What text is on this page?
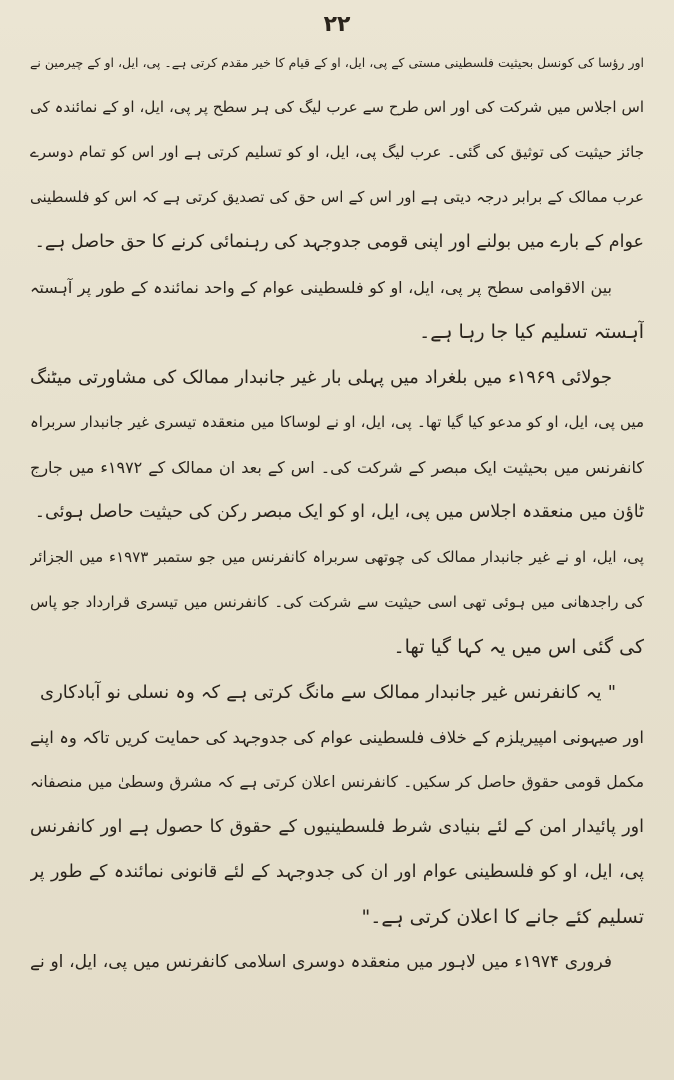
۲۲
اور رؤسا کی کونسل بحیثیت فلسطینی مستی کے پی، ایل، او کے قیام کا خیر مقدم کرتی ہے۔ پی، ایل، او کے چیرمین نے
اس اجلاس میں شرکت کی اور اس طرح سے عرب لیگ کی ہر سطح پر پی، ایل، او کے نمائندہ کی
جائز حیثیت کی توثیق کی گئی۔ عرب لیگ پی، ایل، او کو تسلیم کرتی ہے اور اس کو تمام دوسرے
عرب ممالک کے برابر درجہ دیتی ہے اور اس کے اس حق کی تصدیق کرتی ہے کہ اس کو فلسطینی
عوام کے بارے میں بولنے اور اپنی قومی جدوجہد کی رہنمائی کرنے کا حق حاصل ہے۔
بین الاقوامی سطح پر پی، ایل، او کو فلسطینی عوام کے واحد نمائندہ کے طور پر آہستہ
آہستہ تسلیم کیا جا رہا ہے۔
جولائی ۱۹۶۹ء میں بلغراد میں پہلی بار غیر جانبدار ممالک کی مشاورتی میٹنگ
میں پی، ایل، او کو مدعو کیا گیا تھا۔ پی، ایل، او نے لوساکا میں منعقدہ تیسری غیر جانبدار سربراہ
کانفرنس میں بحیثیت ایک مبصر کے شرکت کی۔ اس کے بعد ان ممالک کے ۱۹۷۲ء میں جارج
ٹاؤن میں منعقدہ اجلاس میں پی، ایل، او کو ایک مبصر رکن کی حیثیت حاصل ہوئی۔
پی، ایل، او نے غیر جانبدار ممالک کی چوتھی سربراہ کانفرنس میں جو ستمبر ۱۹۷۳ء میں الجزائر
کی راجدھانی میں ہوئی تھی اسی حیثیت سے شرکت کی۔ کانفرنس میں تیسری قرارداد جو پاس
کی گئی اس میں یہ کہا گیا تھا۔
" یہ کانفرنس غیر جانبدار ممالک سے مانگ کرتی ہے کہ وہ نسلی نو آبادکاری
اور صیہونی امپیریلزم کے خلاف فلسطینی عوام کی جدوجہد کی حمایت کریں تاکہ وہ اپنے
مکمل قومی حقوق حاصل کر سکیں۔ کانفرنس اعلان کرتی ہے کہ مشرق وسطیٰ میں منصفانہ
اور پائیدار امن کے لئے بنیادی شرط فلسطینیوں کے حقوق کا حصول ہے اور کانفرنس
پی، ایل، او کو فلسطینی عوام اور ان کی جدوجہد کے لئے قانونی نمائندہ کے طور پر
تسلیم کئے جانے کا اعلان کرتی ہے۔"
فروری ۱۹۷۴ء میں لاہور میں منعقدہ دوسری اسلامی کانفرنس میں پی، ایل، او نے
